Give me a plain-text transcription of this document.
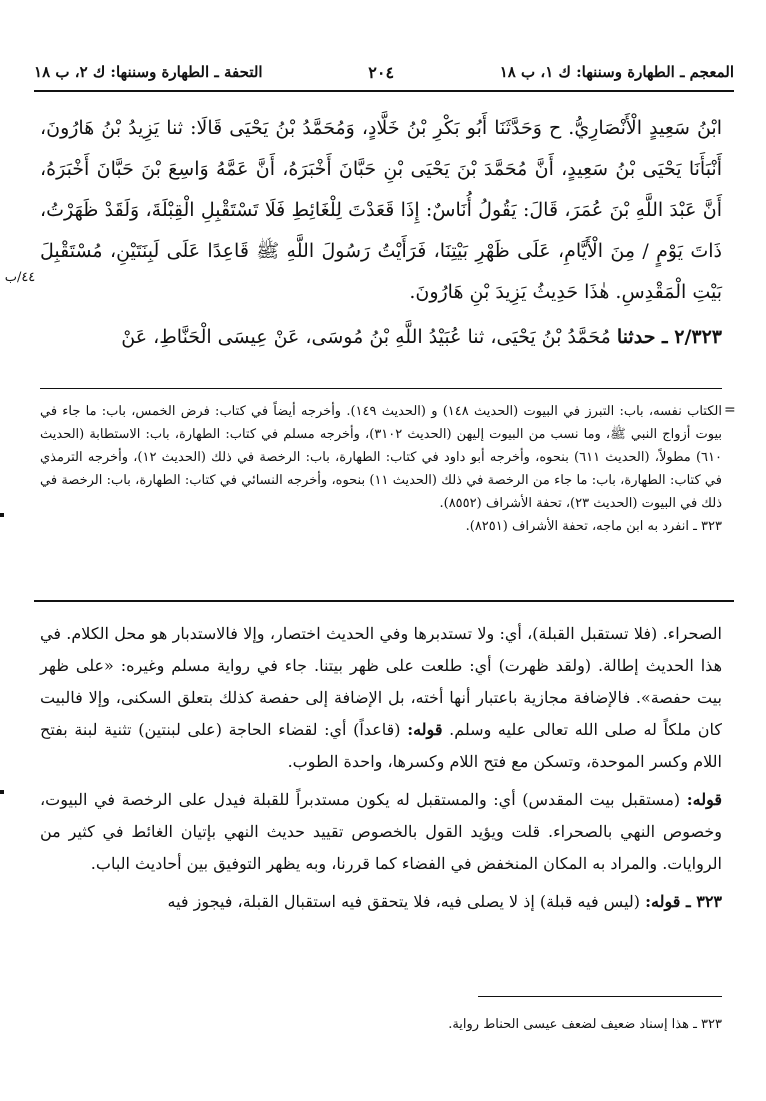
المعجم ـ الطهارة وسننها: ك ١، ب ١٨
٢٠٤
التحفة ـ الطهارة وسننها: ك ٢، ب ١٨
٤٤/ب

ابْنُ سَعِيدٍ الْأَنْصَارِيُّ. ح وَحَدَّثَنَا أَبُو بَكْرِ بْنُ خَلَّادٍ، وَمُحَمَّدُ بْنُ يَحْيَى قَالَا: ثنا يَزِيدُ بْنُ هَارُونَ، أَنْبَأَنَا يَحْيَى بْنُ سَعِيدٍ، أَنَّ مُحَمَّدَ بْنَ يَحْيَى بْنِ حَبَّانَ أَخْبَرَهُ، أَنَّ عَمَّهُ وَاسِعَ بْنَ حَبَّانَ أَخْبَرَهُ، أَنَّ عَبْدَ اللَّهِ بْنَ عُمَرَ، قَالَ: يَقُولُ أُنَاسٌ: إِذَا قَعَدْتَ لِلْغَائِطِ فَلَا تَسْتَقْبِلِ الْقِبْلَةَ، وَلَقَدْ ظَهَرْتُ، ذَاتَ يَوْمٍ / مِنَ الْأَيَّامِ، عَلَى ظَهْرِ بَيْتِنَا، فَرَأَيْتُ رَسُولَ اللَّهِ ﷺ قَاعِدًا عَلَى لَبِنَتَيْنِ، مُسْتَقْبِلَ بَيْتِ الْمَقْدِسِ. هٰذَا حَدِيثُ يَزِيدَ بْنِ هَارُونَ.

٢/٣٢٣ ـ حدثنا مُحَمَّدُ بْنُ يَحْيَى، ثنا عُبَيْدُ اللَّهِ بْنُ مُوسَى، عَنْ عِيسَى الْحَنَّاطِ، عَنْ

=

الكتاب نفسه، باب: التبرز في البيوت (الحديث ١٤٨) و (الحديث ١٤٩). وأخرجه أيضاً في كتاب: فرض الخمس، باب: ما جاء في بيوت أزواج النبي ﷺ، وما نسب من البيوت إليهن (الحديث ٣١٠٢)، وأخرجه مسلم في كتاب: الطهارة، باب: الاستطابة (الحديث ٦١٠) مطولاً، (الحديث ٦١١) بنحوه، وأخرجه أبو داود في كتاب: الطهارة، باب: الرخصة في ذلك (الحديث ١٢)، وأخرجه الترمذي في كتاب: الطهارة، باب: ما جاء من الرخصة في ذلك (الحديث ١١) بنحوه، وأخرجه النسائي في كتاب: الطهارة، باب: الرخصة في ذلك في البيوت (الحديث ٢٣)، تحفة الأشراف (٨٥٥٢).

٣٢٣ ـ انفرد به ابن ماجه، تحفة الأشراف (٨٢٥١).

الصحراء. (فلا تستقبل القبلة)، أي: ولا تستدبرها وفي الحديث اختصار، وإلا فالاستدبار هو محل الكلام. في هذا الحديث إطالة. (ولقد ظهرت) أي: طلعت على ظهر بيتنا. جاء في رواية مسلم وغيره: «على ظهر بيت حفصة». فالإضافة مجازية باعتبار أنها أخته، بل الإضافة إلى حفصة كذلك بتعلق السكنى، وإلا فالبيت كان ملكاً له صلى الله تعالى عليه وسلم. قوله: (قاعداً) أي: لقضاء الحاجة (على لبنتين) تثنية لبنة بفتح اللام وكسر الموحدة، وتسكن مع فتح اللام وكسرها، واحدة الطوب.

قوله: (مستقبل بيت المقدس) أي: والمستقبل له يكون مستدبراً للقبلة فيدل على الرخصة في البيوت، وخصوص النهي بالصحراء. قلت ويؤيد القول بالخصوص تقييد حديث النهي بإتيان الغائط في كثير من الروايات. والمراد به المكان المنخفض في الفضاء كما قررنا، وبه يظهر التوفيق بين أحاديث الباب.

٣٢٣ ـ قوله: (ليس فيه قبلة) إذ لا يصلى فيه، فلا يتحقق فيه استقبال القبلة، فيجوز فيه

٣٢٣ ـ هذا إسناد ضعيف لضعف عيسى الحناط رواية.
